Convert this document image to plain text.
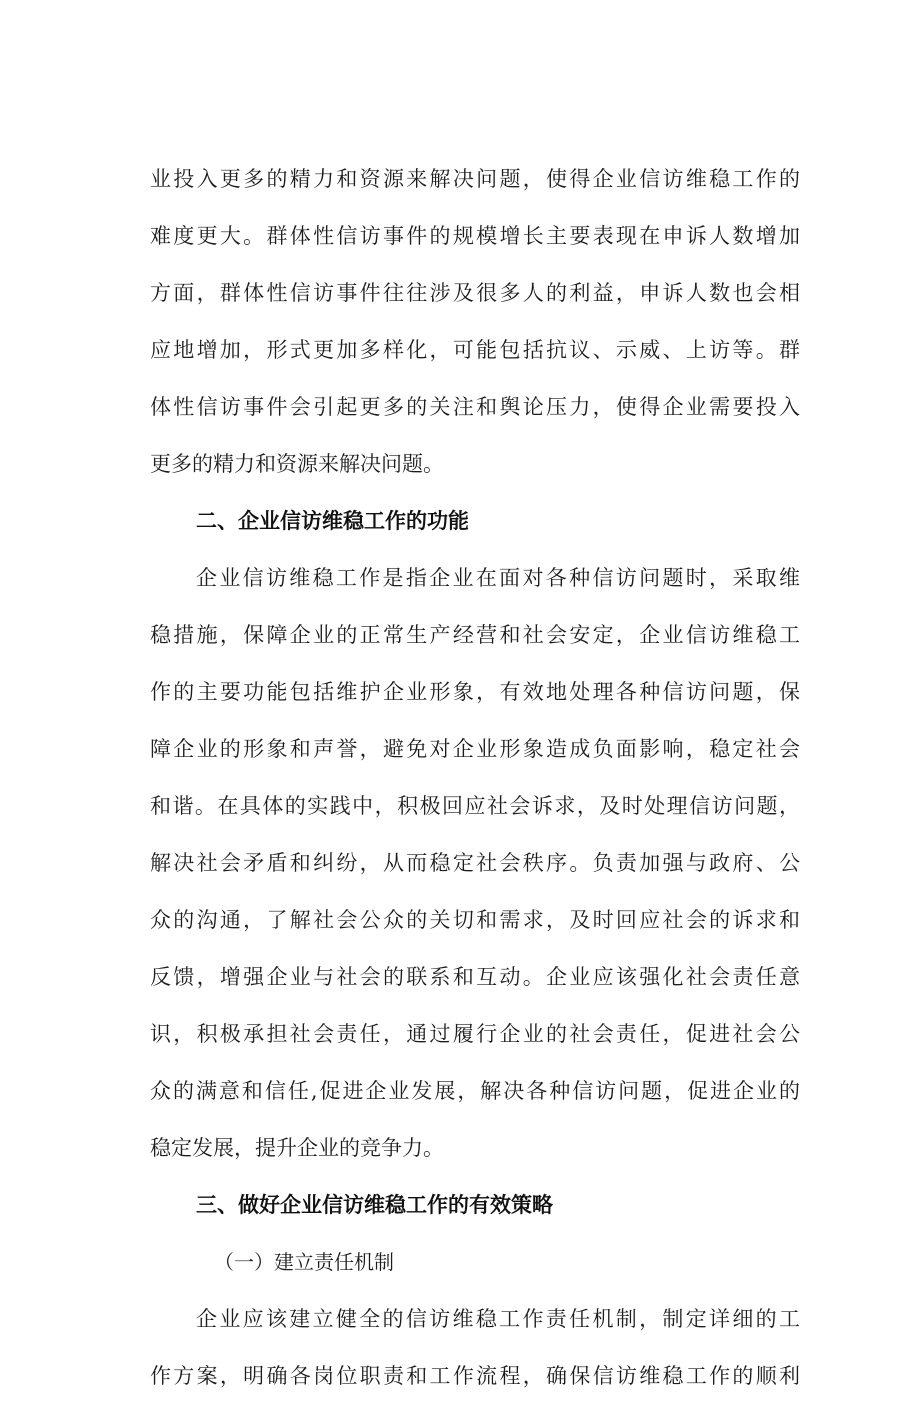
业投入更多的精力和资源来解决问题，使得企业信访维稳工作的
难度更大。群体性信访事件的规模增长主要表现在申诉人数增加
方面，群体性信访事件往往涉及很多人的利益，申诉人数也会相
应地增加，形式更加多样化，可能包括抗议、示威、上访等。群
体性信访事件会引起更多的关注和舆论压力，使得企业需要投入
更多的精力和资源来解决问题。
二、企业信访维稳工作的功能
企业信访维稳工作是指企业在面对各种信访问题时，采取维
稳措施，保障企业的正常生产经营和社会安定，企业信访维稳工
作的主要功能包括维护企业形象，有效地处理各种信访问题，保
障企业的形象和声誉，避免对企业形象造成负面影响，稳定社会
和谐。在具体的实践中，积极回应社会诉求，及时处理信访问题，
解决社会矛盾和纠纷，从而稳定社会秩序。负责加强与政府、公
众的沟通，了解社会公众的关切和需求，及时回应社会的诉求和
反馈，增强企业与社会的联系和互动。企业应该强化社会责任意
识，积极承担社会责任，通过履行企业的社会责任，促进社会公
众的满意和信任,促进企业发展，解决各种信访问题，促进企业的
稳定发展，提升企业的竞争力。
三、做好企业信访维稳工作的有效策略
（一）建立责任机制
企业应该建立健全的信访维稳工作责任机制，制定详细的工
作方案，明确各岗位职责和工作流程，确保信访维稳工作的顺利
